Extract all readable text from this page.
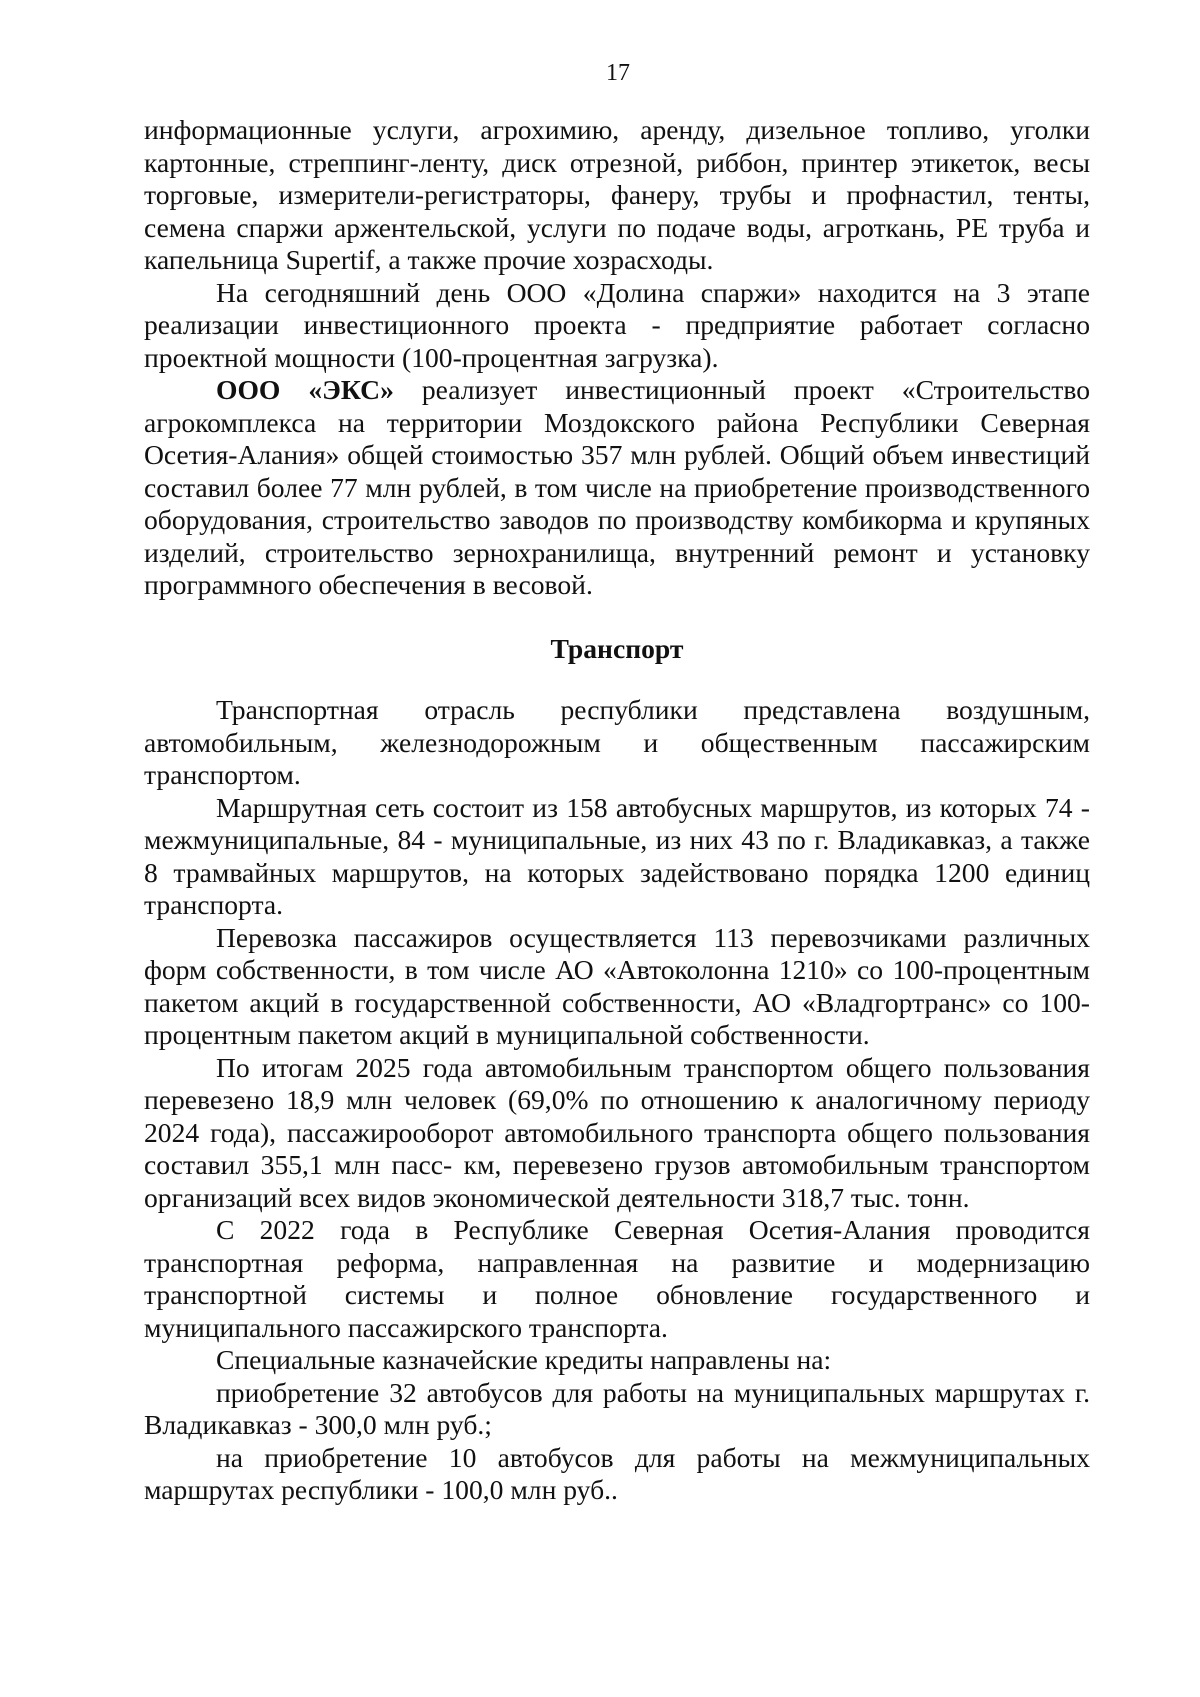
17

информационные услуги, агрохимию, аренду, дизельное топливо, уголки картонные, стреппинг-ленту, диск отрезной, риббон, принтер этикеток, весы торговые, измерители-регистраторы, фанеру, трубы и профнастил, тенты, семена спаржи аржентельской, услуги по подаче воды, агроткань, PE труба и капельница Supertif, а также прочие хозрасходы.

На сегодняшний день ООО «Долина спаржи» находится на 3 этапе реализации инвестиционного проекта - предприятие работает согласно проектной мощности (100-процентная загрузка).

ООО «ЭКС» реализует инвестиционный проект «Строительство агрокомплекса на территории Моздокского района Республики Северная Осетия-Алания» общей стоимостью 357 млн рублей. Общий объем инвестиций составил более 77 млн рублей, в том числе на приобретение производственного оборудования, строительство заводов по производству комбикорма и крупяных изделий, строительство зернохранилища, внутренний ремонт и установку программного обеспечения в весовой.

Транспорт

Транспортная отрасль республики представлена воздушным, автомобильным, железнодорожным и общественным пассажирским транспортом.

Маршрутная сеть состоит из 158 автобусных маршрутов, из которых 74 - межмуниципальные, 84 - муниципальные, из них 43 по г. Владикавказ, а также 8 трамвайных маршрутов, на которых задействовано порядка 1200 единиц транспорта.

Перевозка пассажиров осуществляется 113 перевозчиками различных форм собственности, в том числе АО «Автоколонна 1210» со 100-процентным пакетом акций в государственной собственности, АО «Владгортранс» со 100-процентным пакетом акций в муниципальной собственности.

По итогам 2025 года автомобильным транспортом общего пользования перевезено 18,9 млн человек (69,0% по отношению к аналогичному периоду 2024 года), пассажирооборот автомобильного транспорта общего пользования составил 355,1 млн пасс- км, перевезено грузов автомобильным транспортом организаций всех видов экономической деятельности 318,7 тыс. тонн.

С 2022 года в Республике Северная Осетия-Алания проводится транспортная реформа, направленная на развитие и модернизацию транспортной системы и полное обновление государственного и муниципального пассажирского транспорта.

Специальные казначейские кредиты направлены на:

приобретение 32 автобусов для работы на муниципальных маршрутах г. Владикавказ - 300,0 млн руб.;

на приобретение 10 автобусов для работы на межмуниципальных маршрутах республики - 100,0 млн руб..
